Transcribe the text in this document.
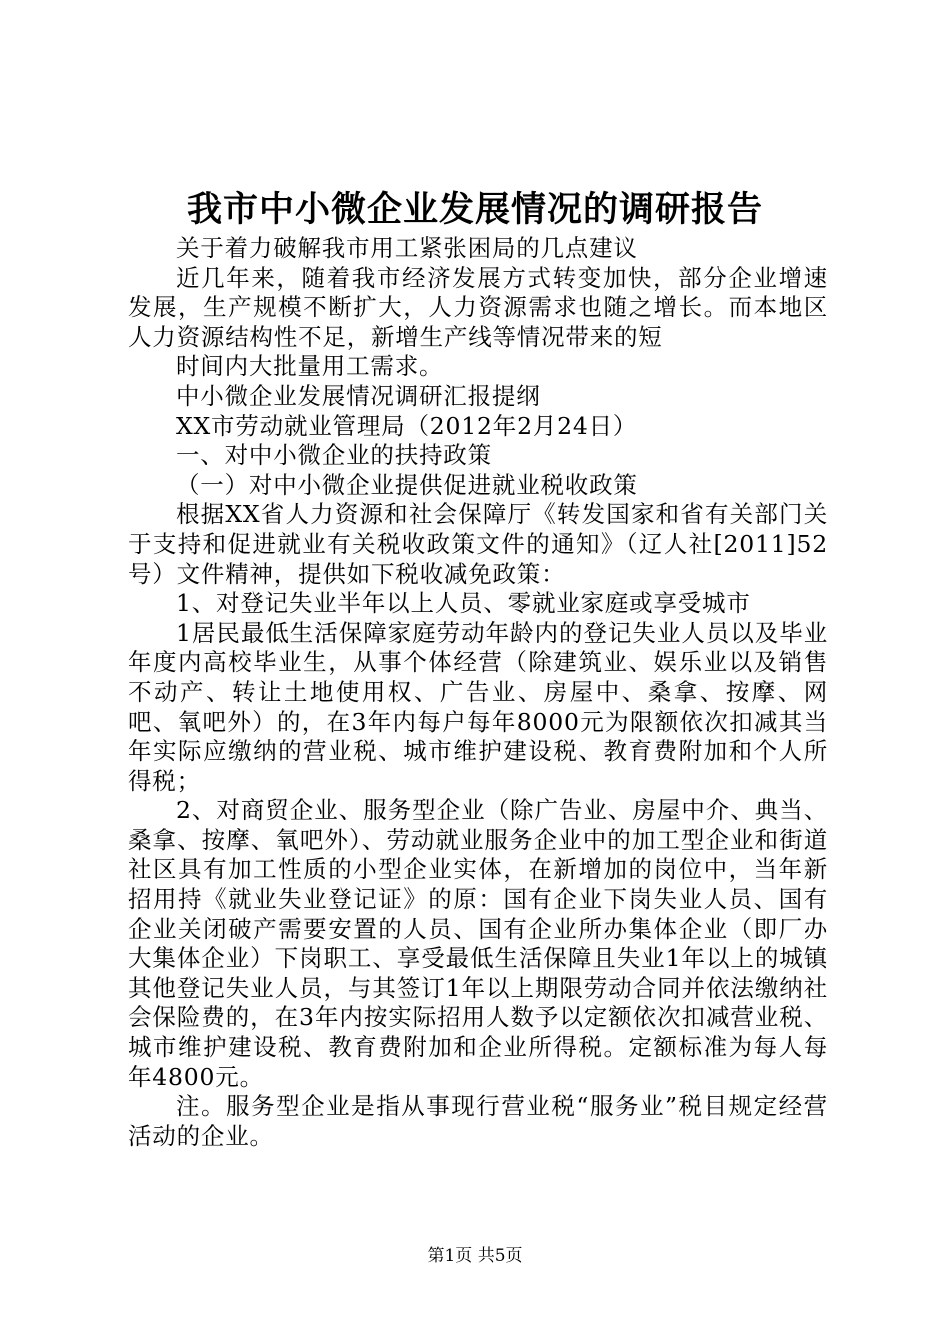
我市中小微企业发展情况的调研报告

关于着力破解我市用工紧张困局的几点建议

近几年来，随着我市经济发展方式转变加快，部分企业增速发展，生产规模不断扩大，人力资源需求也随之增长。而本地区人力资源结构性不足，新增生产线等情况带来的短

时间内大批量用工需求。

中小微企业发展情况调研汇报提纲

XX市劳动就业管理局（2012年2月24日）

一、对中小微企业的扶持政策

（一）对中小微企业提供促进就业税收政策

根据XX省人力资源和社会保障厅《转发国家和省有关部门关于支持和促进就业有关税收政策文件的通知》（辽人社[2011]52号）文件精神，提供如下税收减免政策：

1、对登记失业半年以上人员、零就业家庭或享受城市

1居民最低生活保障家庭劳动年龄内的登记失业人员以及毕业年度内高校毕业生，从事个体经营（除建筑业、娱乐业以及销售不动产、转让土地使用权、广告业、房屋中、桑拿、按摩、网吧、氧吧外）的，在3年内每户每年8000元为限额依次扣减其当年实际应缴纳的营业税、城市维护建设税、教育费附加和个人所得税；

2、对商贸企业、服务型企业（除广告业、房屋中介、典当、桑拿、按摩、氧吧外）、劳动就业服务企业中的加工型企业和街道社区具有加工性质的小型企业实体，在新增加的岗位中，当年新招用持《就业失业登记证》的原：国有企业下岗失业人员、国有企业关闭破产需要安置的人员、国有企业所办集体企业（即厂办大集体企业）下岗职工、享受最低生活保障且失业1年以上的城镇其他登记失业人员，与其签订1年以上期限劳动合同并依法缴纳社会保险费的，在3年内按实际招用人数予以定额依次扣减营业税、城市维护建设税、教育费附加和企业所得税。定额标准为每人每年4800元。

注。服务型企业是指从事现行营业税“服务业”税目规定经营活动的企业。

第1页 共5页
